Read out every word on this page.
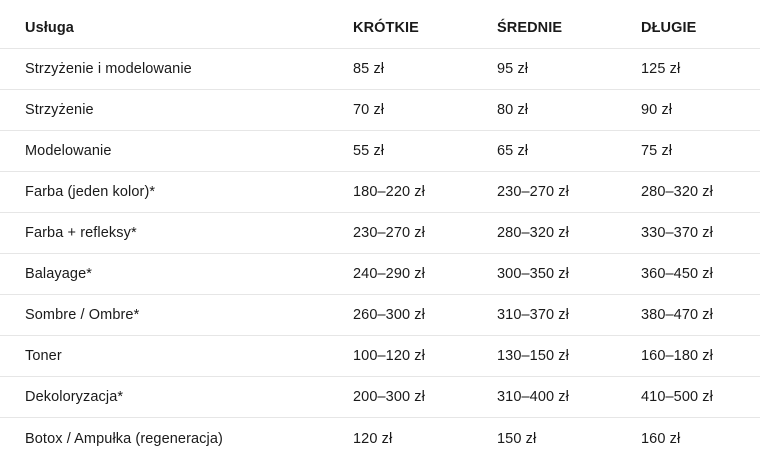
Usługa	KRÓTKIE	ŚREDNIE	DŁUGIE
Strzyżenie i modelowanie	85 zł	95 zł	125 zł
Strzyżenie	70 zł	80 zł	90 zł
Modelowanie	55 zł	65 zł	75 zł
Farba (jeden kolor)*	180–220 zł	230–270 zł	280–320 zł
Farba + refleksy*	230–270 zł	280–320 zł	330–370 zł
Balayage*	240–290 zł	300–350 zł	360–450 zł
Sombre / Ombre*	260–300 zł	310–370 zł	380–470 zł
Toner	100–120 zł	130–150 zł	160–180 zł
Dekoloryzacja*	200–300 zł	310–400 zł	410–500 zł
Botox / Ampułka (regeneracja)	120 zł	150 zł	160 zł
